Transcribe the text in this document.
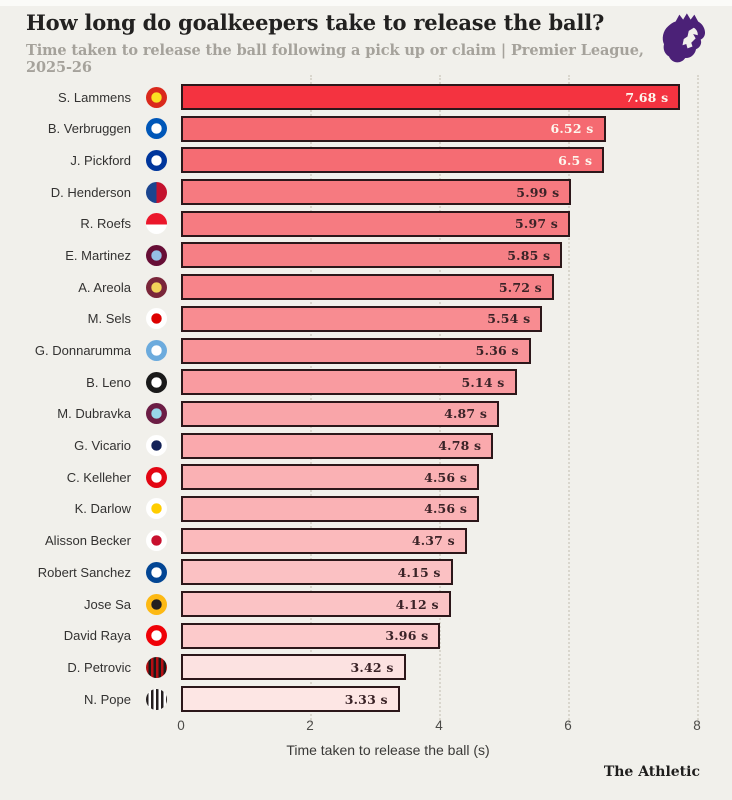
How long do goalkeepers take to release the ball?
Time taken to release the ball following a pick up or claim | Premier League, 2025-26
S. Lammens	7.68 s
B. Verbruggen	6.52 s
J. Pickford	6.5 s
D. Henderson	5.99 s
R. Roefs	5.97 s
E. Martinez	5.85 s
A. Areola	5.72 s
M. Sels	5.54 s
G. Donnarumma	5.36 s
B. Leno	5.14 s
M. Dubravka	4.87 s
G. Vicario	4.78 s
C. Kelleher	4.56 s
K. Darlow	4.56 s
Alisson Becker	4.37 s
Robert Sanchez	4.15 s
Jose Sa	4.12 s
David Raya	3.96 s
D. Petrovic	3.42 s
N. Pope	3.33 s
0	2	4	6	8
Time taken to release the ball (s)
The Athletic
